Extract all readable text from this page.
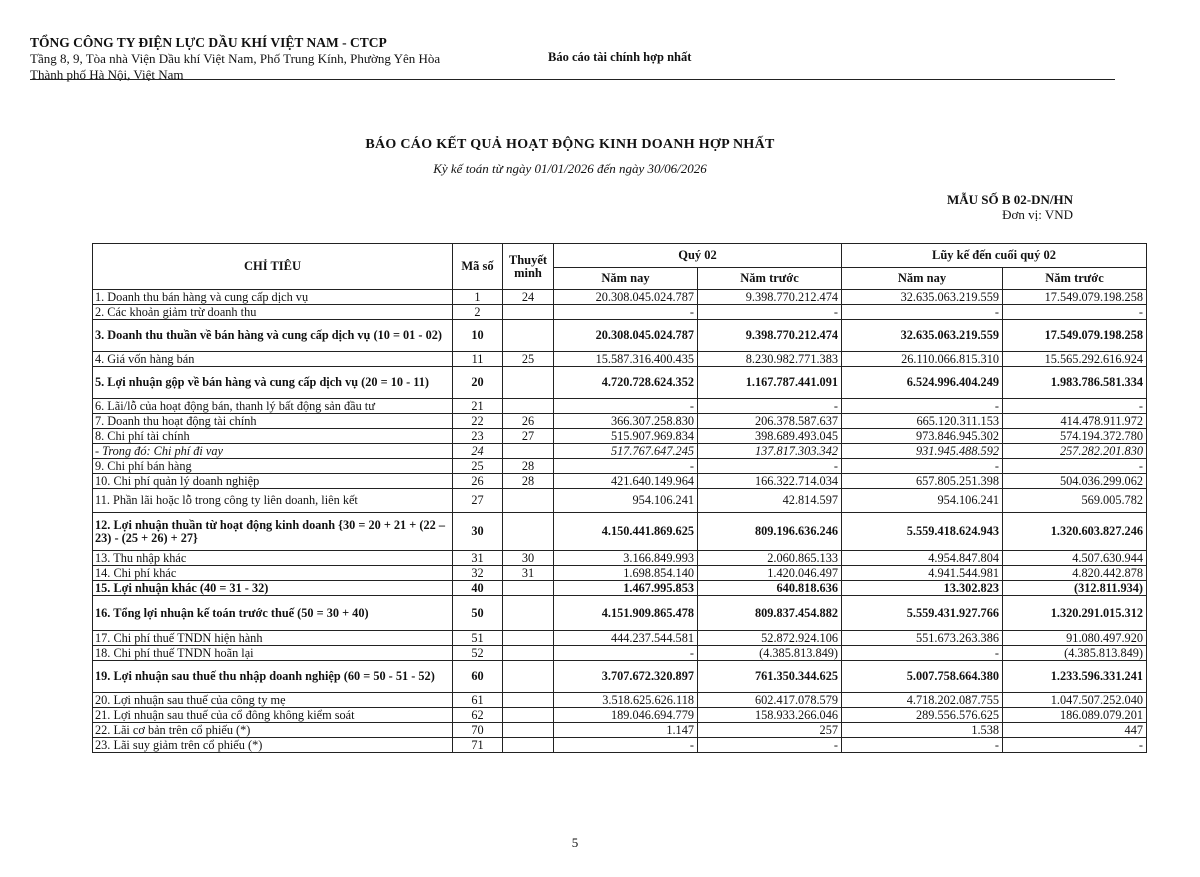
TỔNG CÔNG TY ĐIỆN LỰC DẦU KHÍ VIỆT NAM - CTCP
Tầng 8, 9, Tòa nhà Viện Dầu khí Việt Nam, Phố Trung Kính, Phường Yên Hòa
Thành phố Hà Nội, Việt Nam
Báo cáo tài chính hợp nhất
BÁO CÁO KẾT QUẢ HOẠT ĐỘNG KINH DOANH HỢP NHẤT
Kỳ kế toán từ ngày 01/01/2026 đến ngày 30/06/2026
MẪU SỐ B 02-DN/HN
Đơn vị: VND
CHỈ TIÊU	Mã số	Thuyết minh	Quý 02		Lũy kế đến cuối quý 02	
			Năm nay	Năm trước	Năm nay	Năm trước
1. Doanh thu bán hàng và cung cấp dịch vụ	1	24	20.308.045.024.787	9.398.770.212.474	32.635.063.219.559	17.549.079.198.258
2. Các khoản giảm trừ doanh thu	2		-	-	-	-
3. Doanh thu thuần về bán hàng và cung cấp dịch vụ (10 = 01 - 02)	10		20.308.045.024.787	9.398.770.212.474	32.635.063.219.559	17.549.079.198.258
4. Giá vốn hàng bán	11	25	15.587.316.400.435	8.230.982.771.383	26.110.066.815.310	15.565.292.616.924
5. Lợi nhuận gộp về bán hàng và cung cấp dịch vụ (20 = 10 - 11)	20		4.720.728.624.352	1.167.787.441.091	6.524.996.404.249	1.983.786.581.334
6. Lãi/lỗ của hoạt động bán, thanh lý bất động sản đầu tư	21		-	-	-	-
7. Doanh thu hoạt động tài chính	22	26	366.307.258.830	206.378.587.637	665.120.311.153	414.478.911.972
8. Chi phí tài chính	23	27	515.907.969.834	398.689.493.045	973.846.945.302	574.194.372.780
- Trong đó: Chi phí đi vay	24		517.767.647.245	137.817.303.342	931.945.488.592	257.282.201.830
9. Chi phí bán hàng	25	28	-	-	-	-
10. Chi phí quản lý doanh nghiệp	26	28	421.640.149.964	166.322.714.034	657.805.251.398	504.036.299.062
11. Phần lãi hoặc lỗ trong công ty liên doanh, liên kết	27		954.106.241	42.814.597	954.106.241	569.005.782
12. Lợi nhuận thuần từ hoạt động kinh doanh {30 = 20 + 21 + (22 – 23) - (25 + 26) + 27}	30		4.150.441.869.625	809.196.636.246	5.559.418.624.943	1.320.603.827.246
13. Thu nhập khác	31	30	3.166.849.993	2.060.865.133	4.954.847.804	4.507.630.944
14. Chi phí khác	32	31	1.698.854.140	1.420.046.497	4.941.544.981	4.820.442.878
15. Lợi nhuận khác (40 = 31 - 32)	40		1.467.995.853	640.818.636	13.302.823	(312.811.934)
16. Tổng lợi nhuận kế toán trước thuế (50 = 30 + 40)	50		4.151.909.865.478	809.837.454.882	5.559.431.927.766	1.320.291.015.312
17. Chi phí thuế TNDN hiện hành	51		444.237.544.581	52.872.924.106	551.673.263.386	91.080.497.920
18. Chi phí thuế TNDN hoãn lại	52		-	(4.385.813.849)	-	(4.385.813.849)
19. Lợi nhuận sau thuế thu nhập doanh nghiệp (60 = 50 - 51 - 52)	60		3.707.672.320.897	761.350.344.625	5.007.758.664.380	1.233.596.331.241
20. Lợi nhuận sau thuế của công ty mẹ	61		3.518.625.626.118	602.417.078.579	4.718.202.087.755	1.047.507.252.040
21. Lợi nhuận sau thuế của cổ đông không kiểm soát	62		189.046.694.779	158.933.266.046	289.556.576.625	186.089.079.201
22. Lãi cơ bản trên cổ phiếu (*)	70		1.147	257	1.538	447
23. Lãi suy giảm trên cổ phiếu (*)	71		-	-	-	-
5
